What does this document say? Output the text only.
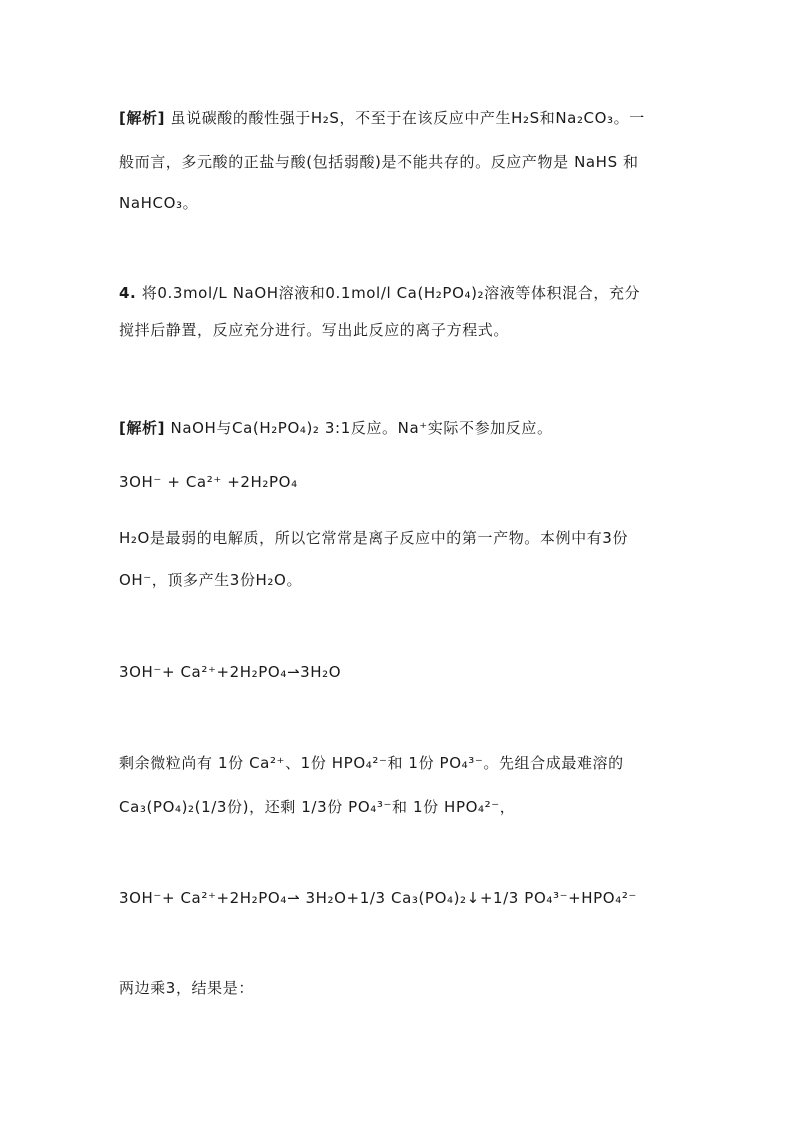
[解析] 虽说碳酸的酸性强于H₂S，不至于在该反应中产生H₂S和Na₂CO₃。一
般而言，多元酸的正盐与酸(包括弱酸)是不能共存的。反应产物是 NaHS 和
NaHCO₃。
4. 将0.3mol/L NaOH溶液和0.1mol/l Ca(H₂PO₄)₂溶液等体积混合，充分
搅拌后静置，反应充分进行。写出此反应的离子方程式。
[解析] NaOH与Ca(H₂PO₄)₂ 3:1反应。Na⁺实际不参加反应。
3OH⁻ + Ca²⁺ +2H₂PO₄
H₂O是最弱的电解质，所以它常常是离子反应中的第一产物。本例中有3份
OH⁻，顶多产生3份H₂O。
3OH⁻+ Ca²⁺+2H₂PO₄⇀3H₂O
剩余微粒尚有 1份 Ca²⁺、1份 HPO₄²⁻和 1份 PO₄³⁻。先组合成最难溶的
Ca₃(PO₄)₂(1/3份)，还剩 1/3份 PO₄³⁻和 1份 HPO₄²⁻，
3OH⁻+ Ca²⁺+2H₂PO₄⇀ 3H₂O+1/3 Ca₃(PO₄)₂↓+1/3 PO₄³⁻+HPO₄²⁻
两边乘3，结果是：
